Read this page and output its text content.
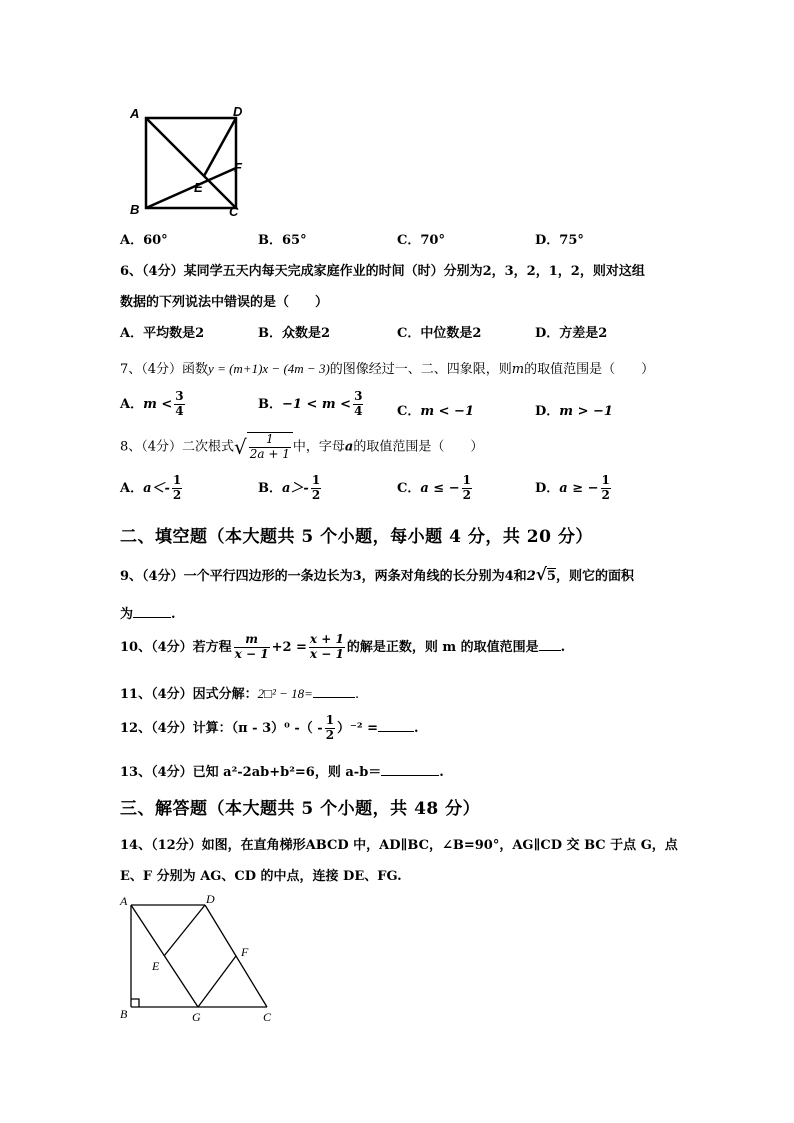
A	D
F
E
B	C
A．60°	B．65°	C．70°	D．75°
6、（4分）某同学五天内每天完成家庭作业的时间（时）分别为2，3，2，1，2，则对这组
数据的下列说法中错误的是（　　）
A．平均数是2	B．众数是2	C．中位数是2	D．方差是2
7、（4分）函数y = (m+1)x − (4m − 3)的图像经过一、二、四象限，则m的取值范围是（　　）
A．$m < \frac{3}{4}$	B．$-1 < m < \frac{3}{4}$	C．m < −1	D．m > −1
8、（4分）二次根式√ $\frac{1}{2a + 1}$ 中，字母a的取值范围是（　　）
A．$a<- \frac{1}{2}$	B．$a>- \frac{1}{2}$	C．a ≤ − $\frac{1}{2}$	D．a ≥ − $\frac{1}{2}$
二、填空题（本大题共 5 个小题，每小题 4 分，共 20 分）
9、（4分）一个平行四边形的一条边长为3，两条对角线的长分别为4和2√5，则它的面积
为	.
10、（4分）若方程 $\frac{m}{x - 1} +2 = \frac{x + 1}{x - 1}$ 的解是正数，则 m 的取值范围是 .
11、（4分）因式分解：2□² − 18=	.
12、（4分）计算：（π - 3）⁰ -（ - $\frac{1}{2} )^{-2}$ =	.
13、（4分）已知 a²-2ab+b²=6，则 a-b＝	.
三、解答题（本大题共 5 个小题，共 48 分）
14、（12分）如图，在直角梯形ABCD 中，AD∥BC，∠B=90°，AG∥CD 交 BC 于点 G，点
E、F 分别为 AG、CD 的中点，连接 DE、FG.
A	D
E
F
B	G	C
